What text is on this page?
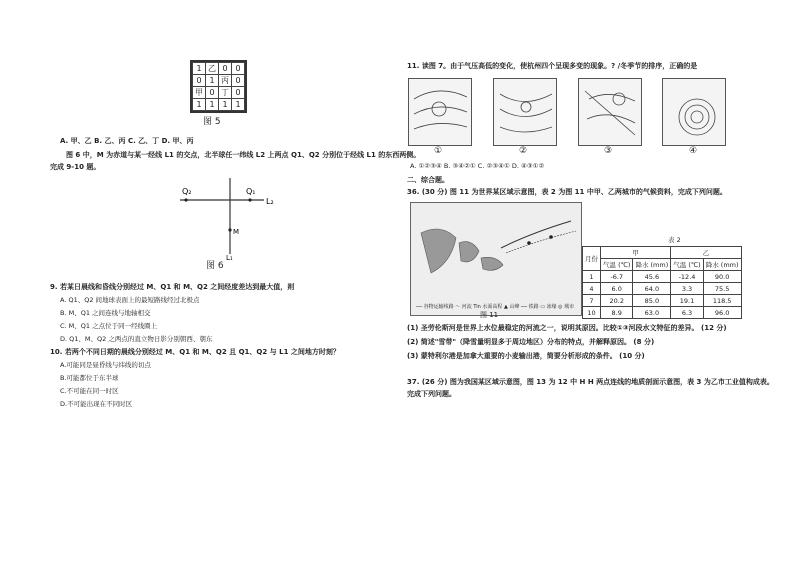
1	乙	0	0
0	1	丙	0
甲	0	丁	0
1	1	1	1
图 5
A. 甲、乙 B. 乙、丙 C. 乙、丁 D. 甲、丙
图 6 中，M 为赤道与某一经线 L1 的交点，北半球任一纬线 L2 上两点 Q1、Q2 分别位于经线 L1 的东西两侧。
完成 9-10 题。
Q₂	Q₁
L₂
M
L₁
图 6
9. 若某日晨线和昏线分别经过 M、Q1 和 M、Q2 之间经度差达到最大值，则
A. Q1、Q2 间地球表面上的最短路线经过北极点
B. M、Q1 之间连线与地轴相交
C. M、Q1 之点位于同一经线圈上
D. Q1、M、Q2 之两点的直立物日影分别朝西、朝东
10. 若两个不同日期的晨线分别经过 M、Q1 和 M、Q2 且 Q1、Q2 与 L1 之间地方时刻？
A.可能同是昼昏线与纬线的切点
B.可能都位于东半球
C.不可能在同一时区
D.不可能出现在不同时区
11. 读图 7。由于气压高低的变化，使杭州四个呈现多变的现象。? /冬季节的排序，正确的是
①	②	③	④
A. ①②③④ B. ③④②① C. ②③④① D. ④③①②
二、综合题。
36. (30 分) 图 11 为世界某区域示意图，表 2 为图 11 中甲、乙两城市的气候资料，完成下列问题。
── 谷物运输线路 ～ 河流 Tin 水面高程 ▲ 山峰 ── 铁路 ▭ 冰缘 ◎ 城市
图 11
表 2
月份	甲		乙	
	气温 (℃)	降水 (mm)	气温 (℃)	降水 (mm)
1	-6.7	45.6	-12.4	90.0
4	6.0	64.0	3.3	75.5
7	20.2	85.0	19.1	118.5
10	8.9	63.0	6.3	96.0
(1) 圣劳伦斯河是世界上水位最稳定的河流之一，说明其原因。比较①③河段水文特征的差异。 (12 分)
(2) 简述"雪带"（降雪量明显多于周边地区）分布的特点，并解释原因。 (8 分)
(3) 蒙特利尔港是加拿大重要的小麦输出港，简要分析形成的条件。 (10 分)
37. (26 分) 图为我国某区域示意图，图 13 为 12 中 H H 两点连线的地质剖面示意图，表 3 为乙市工业值构成表。
完成下列问题。
